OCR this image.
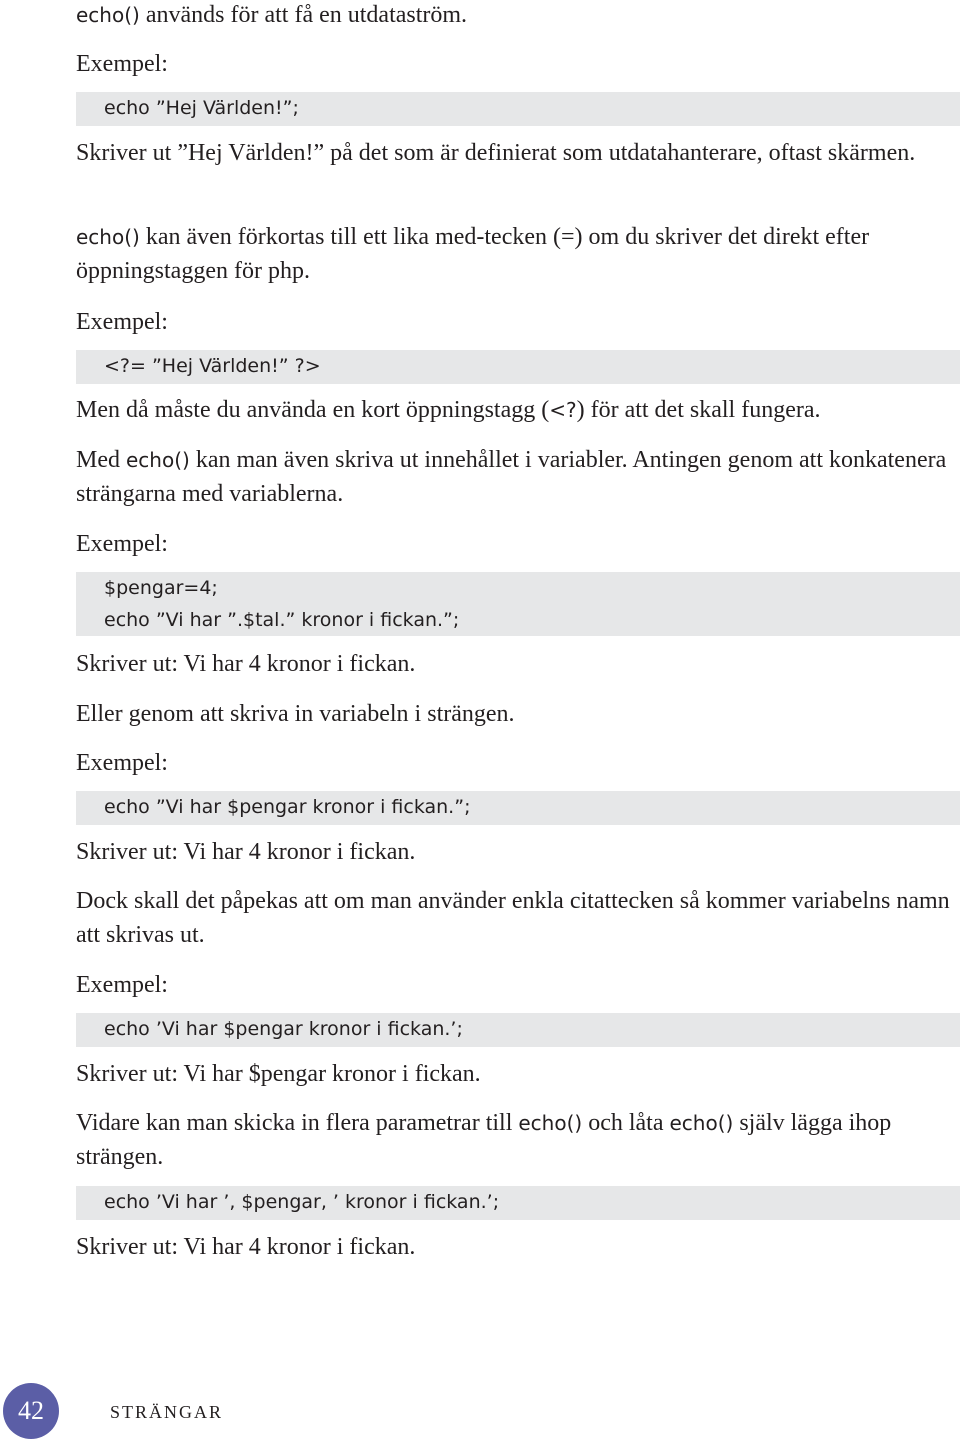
echo() används för att få en utdataström.

Exempel:

echo ”Hej Världen!”;

Skriver ut ”Hej Världen!” på det som är definierat som utdatahanterare, oftast skärmen.

echo() kan även förkortas till ett lika med-tecken (=) om du skriver det direkt efter öppningstaggen för php.

Exempel:

<?= ”Hej Världen!” ?>

Men då måste du använda en kort öppningstagg (<?) för att det skall fungera.

Med echo() kan man även skriva ut innehållet i variabler. Antingen genom att konkatenera strängarna med variablerna.

Exempel:

$pengar=4;
echo ”Vi har ”.$tal.” kronor i fickan.”;

Skriver ut: Vi har 4 kronor i fickan.

Eller genom att skriva in variabeln i strängen.

Exempel:

echo ”Vi har $pengar kronor i fickan.”;

Skriver ut: Vi har 4 kronor i fickan.

Dock skall det påpekas att om man använder enkla citattecken så kommer variabelns namn att skrivas ut.

Exempel:

echo ’Vi har $pengar kronor i fickan.’;

Skriver ut: Vi har $pengar kronor i fickan.

Vidare kan man skicka in flera parametrar till echo() och låta echo() själv lägga ihop strängen.

echo ’Vi har ’, $pengar, ’ kronor i fickan.’;

Skriver ut: Vi har 4 kronor i fickan.

42	STRÄNGAR
